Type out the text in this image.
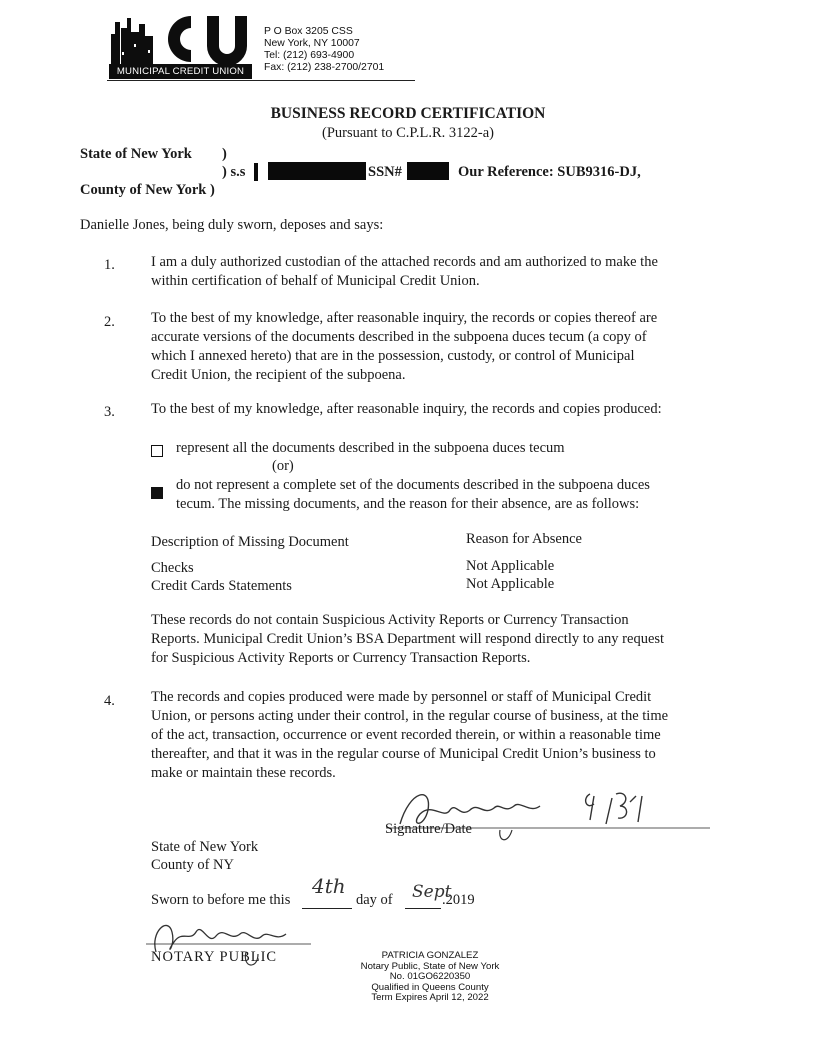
MUNICIPAL CREDIT UNION
P O Box 3205 CSS
New York, NY 10007
Tel: (212) 693-4900
Fax: (212) 238-2700/2701
BUSINESS RECORD CERTIFICATION
(Pursuant to C.P.L.R. 3122-a)
State of New York )
) s.s	SSN#	Our Reference: SUB9316-DJ,
County of New York )
Danielle Jones, being duly sworn, deposes and says:
1.	I am a duly authorized custodian of the attached records and am authorized to make the
within certification of behalf of Municipal Credit Union.
2.	To the best of my knowledge, after reasonable inquiry, the records or copies thereof are
accurate versions of the documents described in the subpoena duces tecum (a copy of
which I annexed hereto) that are in the possession, custody, or control of Municipal
Credit Union, the recipient of the subpoena.
3.	To the best of my knowledge, after reasonable inquiry, the records and copies produced:
represent all the documents described in the subpoena duces tecum
(or)
do not represent a complete set of the documents described in the subpoena duces
tecum. The missing documents, and the reason for their absence, are as follows:
Description of Missing Document	Reason for Absence
Checks	Not Applicable
Credit Cards Statements	Not Applicable
These records do not contain Suspicious Activity Reports or Currency Transaction
Reports. Municipal Credit Union’s BSA Department will respond directly to any request
for Suspicious Activity Reports or Currency Transaction Reports.
4.	The records and copies produced were made by personnel or staff of Municipal Credit
Union, or persons acting under their control, in the regular course of business, at the time
of the act, transaction, occurrence or event recorded therein, or within a reasonable time
thereafter, and that it was in the regular course of Municipal Credit Union’s business to
make or maintain these records.
Signature/Date
State of New York
County of NY
Sworn to before me this
4th
day of Sept
.2019
NOTARY PUBLIC	PATRICIA GONZALEZ
Notary Public, State of New York
No. 01GO6220350
Qualified in Queens County
Term Expires April 12, 2022
